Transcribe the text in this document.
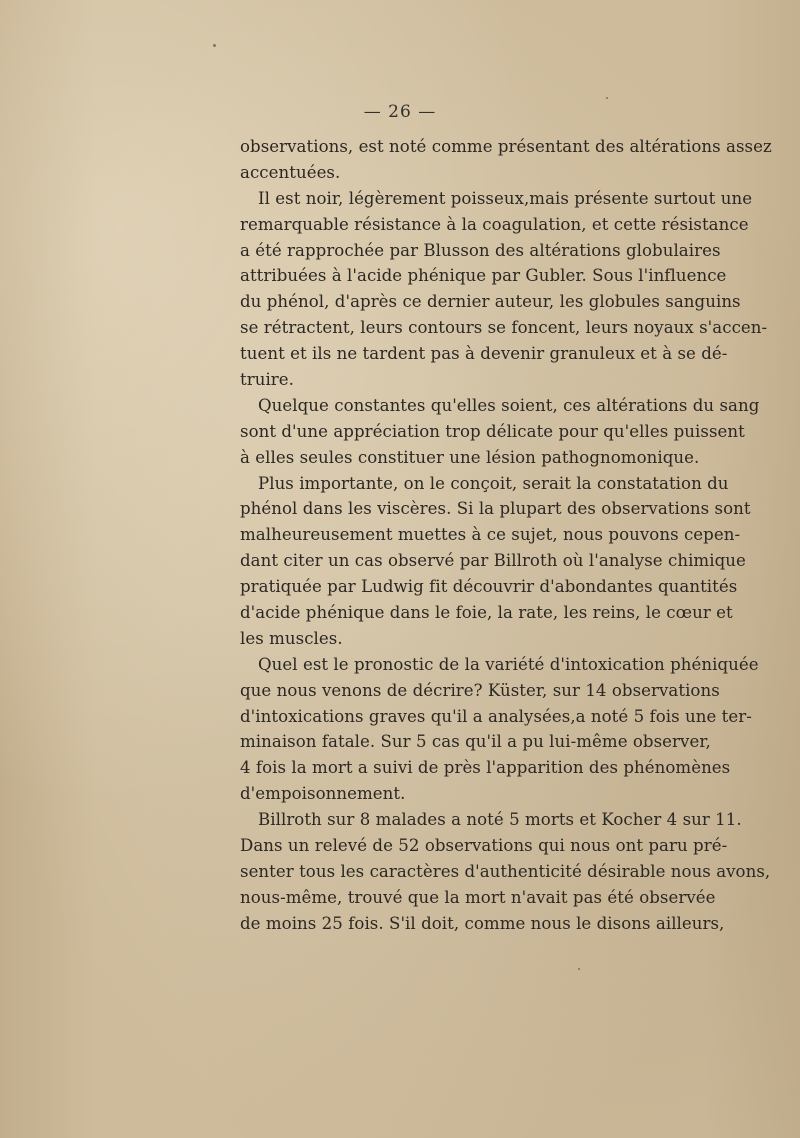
— 26 —
observations, est noté comme présentant des altérations assez
accentuées.
Il est noir, légèrement poisseux,mais présente surtout une
remarquable résistance à la coagulation, et cette résistance
a été rapprochée par Blusson des altérations globulaires
attribuées à l'acide phénique par Gubler. Sous l'influence
du phénol, d'après ce dernier auteur, les globules sanguins
se rétractent, leurs contours se foncent, leurs noyaux s'accen-
tuent et ils ne tardent pas à devenir granuleux et à se dé-
truire.
Quelque constantes qu'elles soient, ces altérations du sang
sont d'une appréciation trop délicate pour qu'elles puissent
à elles seules constituer une lésion pathognomonique.
Plus importante, on le conçoit, serait la constatation du
phénol dans les viscères. Si la plupart des observations sont
malheureusement muettes à ce sujet, nous pouvons cepen-
dant citer un cas observé par Billroth où l'analyse chimique
pratiquée par Ludwig fit découvrir d'abondantes quantités
d'acide phénique dans le foie, la rate, les reins, le cœur et
les muscles.
Quel est le pronostic de la variété d'intoxication phéniquée
que nous venons de décrire? Küster, sur 14 observations
d'intoxications graves qu'il a analysées,a noté 5 fois une ter-
minaison fatale. Sur 5 cas qu'il a pu lui-même observer,
4 fois la mort a suivi de près l'apparition des phénomènes
d'empoisonnement.
Billroth sur 8 malades a noté 5 morts et Kocher 4 sur 11.
Dans un relevé de 52 observations qui nous ont paru pré-
senter tous les caractères d'authenticité désirable nous avons,
nous-même, trouvé que la mort n'avait pas été observée
de moins 25 fois. S'il doit, comme nous le disons ailleurs,
